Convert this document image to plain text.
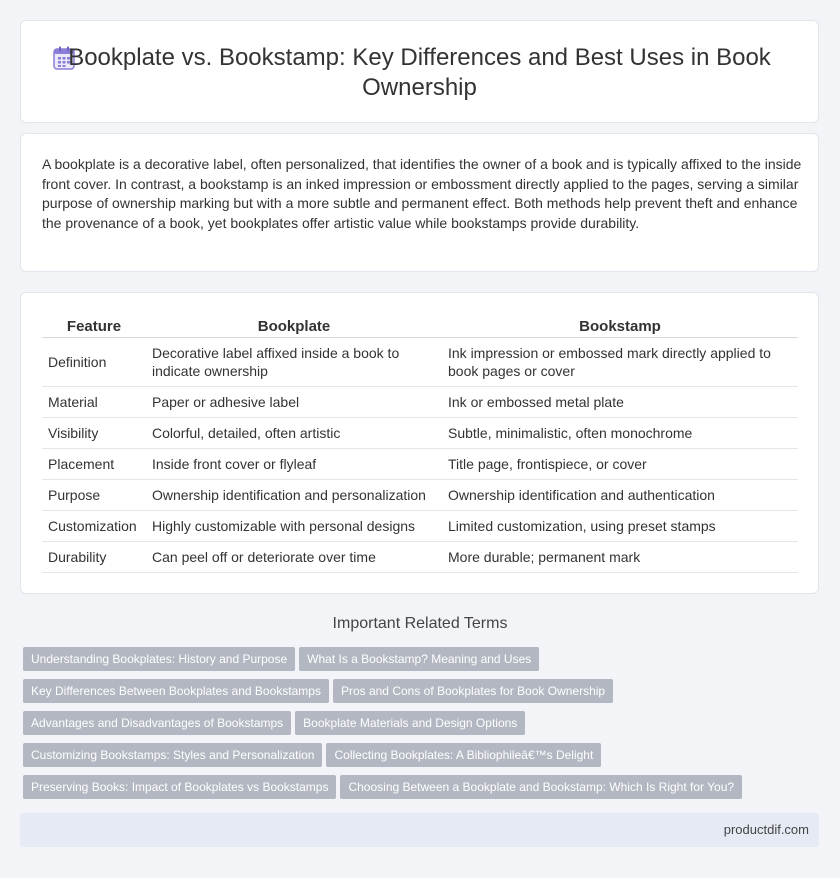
Bookplate vs. Bookstamp: Key Differences and Best Uses in Book Ownership

A bookplate is a decorative label, often personalized, that identifies the owner of a book and is typically affixed to the inside front cover. In contrast, a bookstamp is an inked impression or embossment directly applied to the pages, serving a similar purpose of ownership marking but with a more subtle and permanent effect. Both methods help prevent theft and enhance the provenance of a book, yet bookplates offer artistic value while bookstamps provide durability.

Feature	Bookplate	Bookstamp
Definition	Decorative label affixed inside a book to indicate ownership	Ink impression or embossed mark directly applied to book pages or cover
Material	Paper or adhesive label	Ink or embossed metal plate
Visibility	Colorful, detailed, often artistic	Subtle, minimalistic, often monochrome
Placement	Inside front cover or flyleaf	Title page, frontispiece, or cover
Purpose	Ownership identification and personalization	Ownership identification and authentication
Customization	Highly customizable with personal designs	Limited customization, using preset stamps
Durability	Can peel off or deteriorate over time	More durable; permanent mark
Important Related Terms
Understanding Bookplates: History and Purpose What Is a Bookstamp? Meaning and Uses
Key Differences Between Bookplates and Bookstamps Pros and Cons of Bookplates for Book Ownership
Advantages and Disadvantages of Bookstamps Bookplate Materials and Design Options
Customizing Bookstamps: Styles and Personalization Collecting Bookplates: A Bibliophileâ€™s Delight
Preserving Books: Impact of Bookplates vs Bookstamps Choosing Between a Bookplate and Bookstamp: Which Is Right for You?
productdif.com
